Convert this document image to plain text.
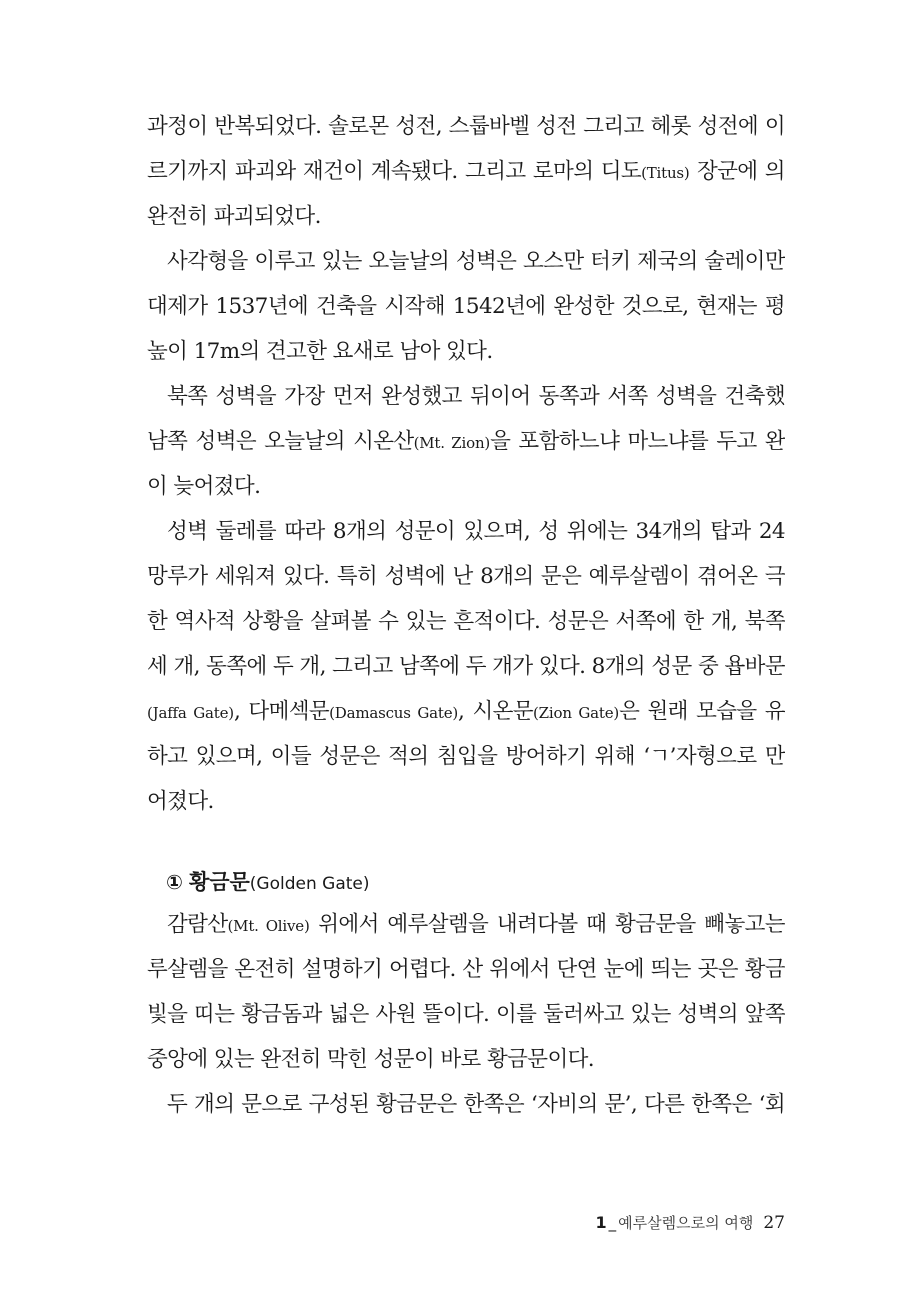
과정이 반복되었다. 솔로몬 성전, 스룹바벨 성전 그리고 헤롯 성전에 이
르기까지 파괴와 재건이 계속됐다. 그리고 로마의 디도(Titus) 장군에 의
완전히 파괴되었다.
사각형을 이루고 있는 오늘날의 성벽은 오스만 터키 제국의 술레이만
대제가 1537년에 건축을 시작해 1542년에 완성한 것으로, 현재는 평
높이 17m의 견고한 요새로 남아 있다.
북쪽 성벽을 가장 먼저 완성했고 뒤이어 동쪽과 서쪽 성벽을 건축했
남쪽 성벽은 오늘날의 시온산(Mt. Zion)을 포함하느냐 마느냐를 두고 완
이 늦어졌다.
성벽 둘레를 따라 8개의 성문이 있으며, 성 위에는 34개의 탑과 24
망루가 세워져 있다. 특히 성벽에 난 8개의 문은 예루살렘이 겪어온 극
한 역사적 상황을 살펴볼 수 있는 흔적이다. 성문은 서쪽에 한 개, 북쪽
세 개, 동쪽에 두 개, 그리고 남쪽에 두 개가 있다. 8개의 성문 중 욥바문
(Jaffa Gate), 다메섹문(Damascus Gate), 시온문(Zion Gate)은 원래 모습을 유
하고 있으며, 이들 성문은 적의 침입을 방어하기 위해 ‘ㄱ’자형으로 만
어졌다.
① 황금문(Golden Gate)
감람산(Mt. Olive) 위에서 예루살렘을 내려다볼 때 황금문을 빼놓고는
루살렘을 온전히 설명하기 어렵다. 산 위에서 단연 눈에 띄는 곳은 황금
빛을 띠는 황금돔과 넓은 사원 뜰이다. 이를 둘러싸고 있는 성벽의 앞쪽
중앙에 있는 완전히 막힌 성문이 바로 황금문이다.
두 개의 문으로 구성된 황금문은 한쪽은 ‘자비의 문’, 다른 한쪽은 ‘회
1 _ 예루살렘으로의 여행 27
